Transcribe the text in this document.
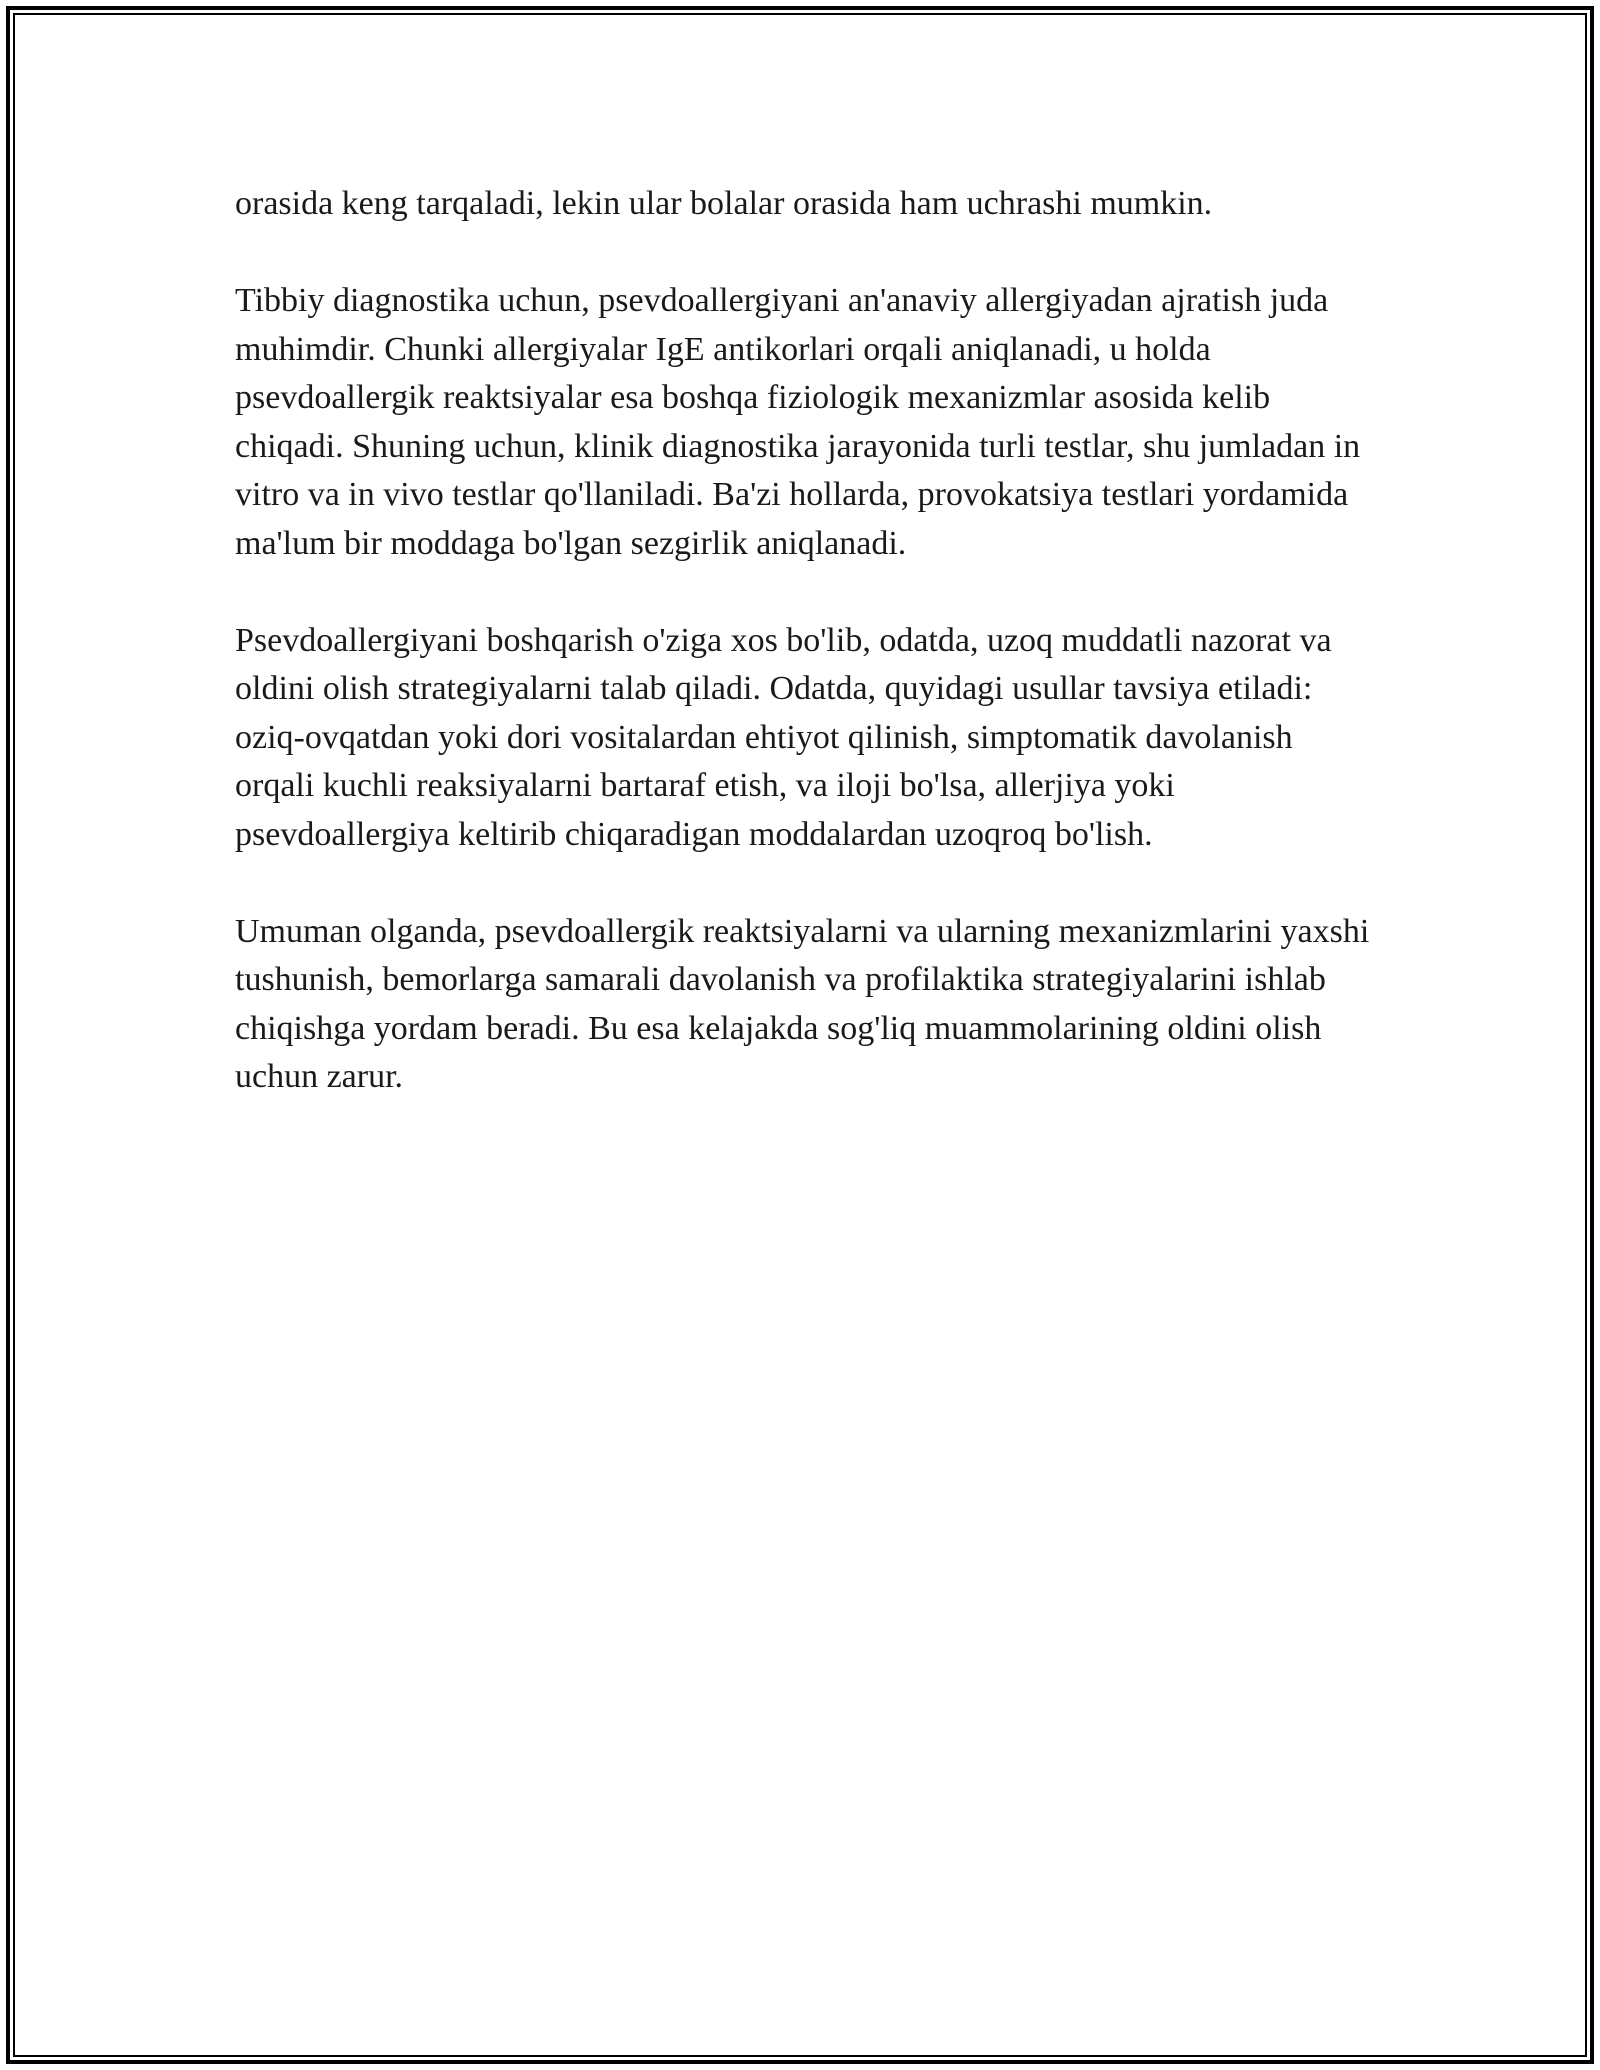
orasida keng tarqaladi, lekin ular bolalar orasida ham uchrashi mumkin.

Tibbiy diagnostika uchun, psevdoallergiyani an'anaviy allergiyadan ajratish juda muhimdir. Chunki allergiyalar IgE antikorlari orqali aniqlanadi, u holda psevdoallergik reaktsiyalar esa boshqa fiziologik mexanizmlar asosida kelib chiqadi. Shuning uchun, klinik diagnostika jarayonida turli testlar, shu jumladan in vitro va in vivo testlar qo'llaniladi. Ba'zi hollarda, provokatsiya testlari yordamida ma'lum bir moddaga bo'lgan sezgirlik aniqlanadi.

Psevdoallergiyani boshqarish o'ziga xos bo'lib, odatda, uzoq muddatli nazorat va oldini olish strategiyalarni talab qiladi. Odatda, quyidagi usullar tavsiya etiladi: oziq-ovqatdan yoki dori vositalardan ehtiyot qilinish, simptomatik davolanish orqali kuchli reaksiyalarni bartaraf etish, va iloji bo'lsa, allerjiya yoki psevdoallergiya keltirib chiqaradigan moddalardan uzoqroq bo'lish.

Umuman olganda, psevdoallergik reaktsiyalarni va ularning mexanizmlarini yaxshi tushunish, bemorlarga samarali davolanish va profilaktika strategiyalarini ishlab chiqishga yordam beradi. Bu esa kelajakda sog'liq muammolarining oldini olish uchun zarur.
